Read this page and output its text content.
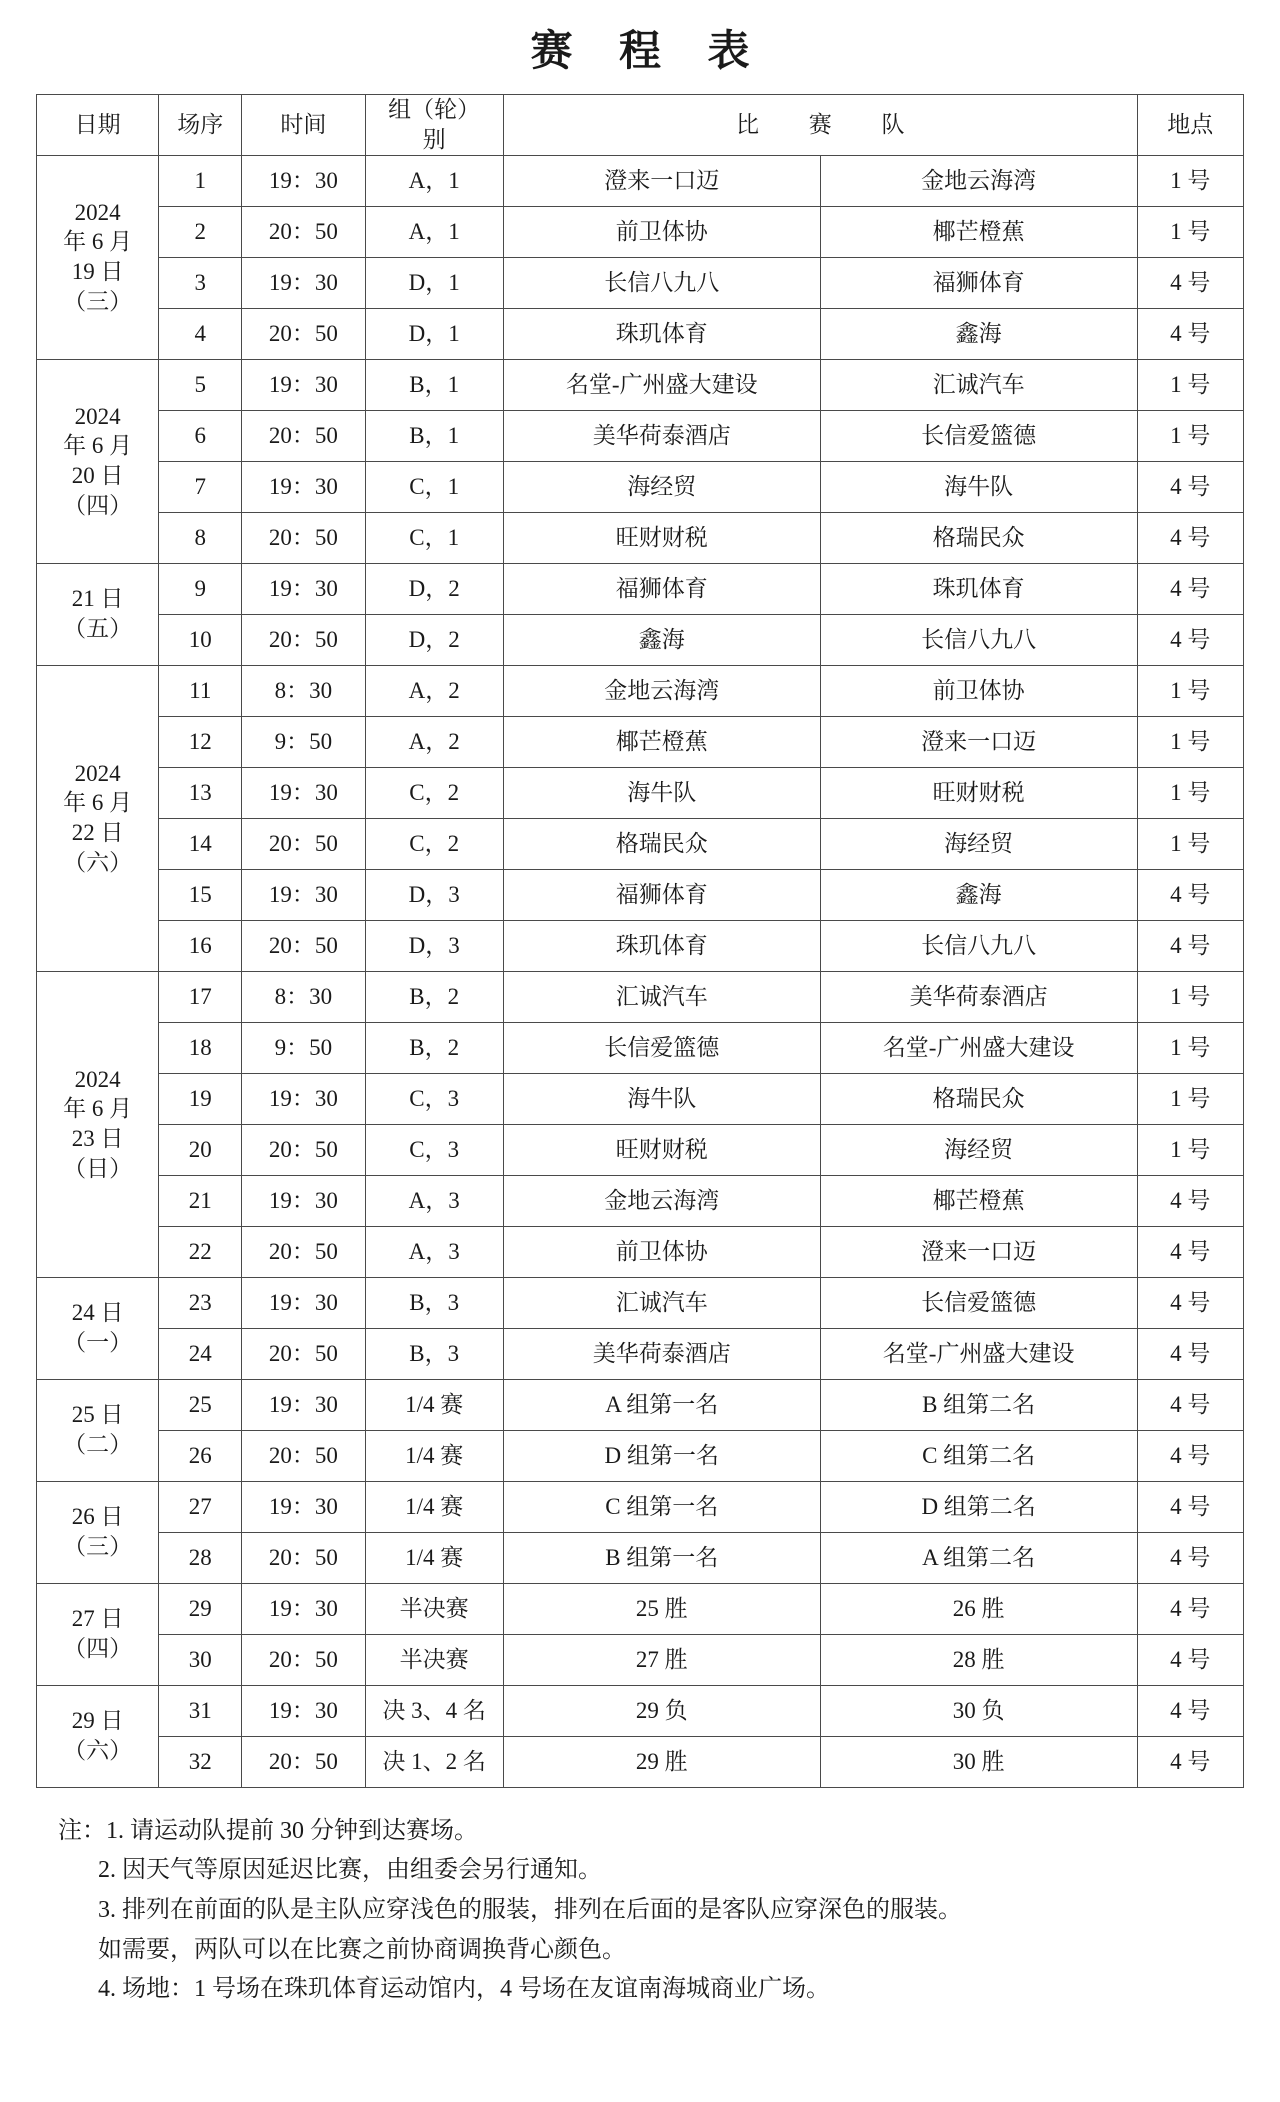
赛 程 表
日期	场序	时间	组（轮）
别	比 赛 队		地点

2024
年 6 月
19 日
（三）	1	19：30	A，1	澄来一口迈	金地云海湾	1 号
	2	20：50	A，1	前卫体协	椰芒橙蕉	1 号
	3	19：30	D，1	长信八九八	福狮体育	4 号
	4	20：50	D，1	珠玑体育	鑫海	4 号

2024
年 6 月
20 日
（四）	5	19：30	B，1	名堂-广州盛大建设	汇诚汽车	1 号
	6	20：50	B，1	美华荷泰酒店	长信爱篮德	1 号
	7	19：30	C，1	海经贸	海牛队	4 号
	8	20：50	C，1	旺财财税	格瑞民众	4 号

21 日
（五）	9	19：30	D，2	福狮体育	珠玑体育	4 号
	10	20：50	D，2	鑫海	长信八九八	4 号

2024
年 6 月
22 日
（六）	11	8：30	A，2	金地云海湾	前卫体协	1 号
	12	9：50	A，2	椰芒橙蕉	澄来一口迈	1 号
	13	19：30	C，2	海牛队	旺财财税	1 号
	14	20：50	C，2	格瑞民众	海经贸	1 号
	15	19：30	D，3	福狮体育	鑫海	4 号
	16	20：50	D，3	珠玑体育	长信八九八	4 号

2024
年 6 月
23 日
（日）	17	8：30	B，2	汇诚汽车	美华荷泰酒店	1 号
	18	9：50	B，2	长信爱篮德	名堂-广州盛大建设	1 号
	19	19：30	C，3	海牛队	格瑞民众	1 号
	20	20：50	C，3	旺财财税	海经贸	1 号
	21	19：30	A，3	金地云海湾	椰芒橙蕉	4 号
	22	20：50	A，3	前卫体协	澄来一口迈	4 号

24 日
（一）	23	19：30	B，3	汇诚汽车	长信爱篮德	4 号
	24	20：50	B，3	美华荷泰酒店	名堂-广州盛大建设	4 号

25 日
（二）	25	19：30	1/4 赛	A 组第一名	B 组第二名	4 号
	26	20：50	1/4 赛	D 组第一名	C 组第二名	4 号

26 日
（三）	27	19：30	1/4 赛	C 组第一名	D 组第二名	4 号
	28	20：50	1/4 赛	B 组第一名	A 组第二名	4 号

27 日
（四）	29	19：30	半决赛	25 胜	26 胜	4 号
	30	20：50	半决赛	27 胜	28 胜	4 号

29 日
（六）	31	19：30	决 3、4 名	29 负	30 负	4 号
	32	20：50	决 1、2 名	29 胜	30 胜	4 号
注：1. 请运动队提前 30 分钟到达赛场。
2. 因天气等原因延迟比赛，由组委会另行通知。
3. 排列在前面的队是主队应穿浅色的服装，排列在后面的是客队应穿深色的服装。
如需要，两队可以在比赛之前协商调换背心颜色。
4. 场地：1 号场在珠玑体育运动馆内，4 号场在友谊南海城商业广场。
